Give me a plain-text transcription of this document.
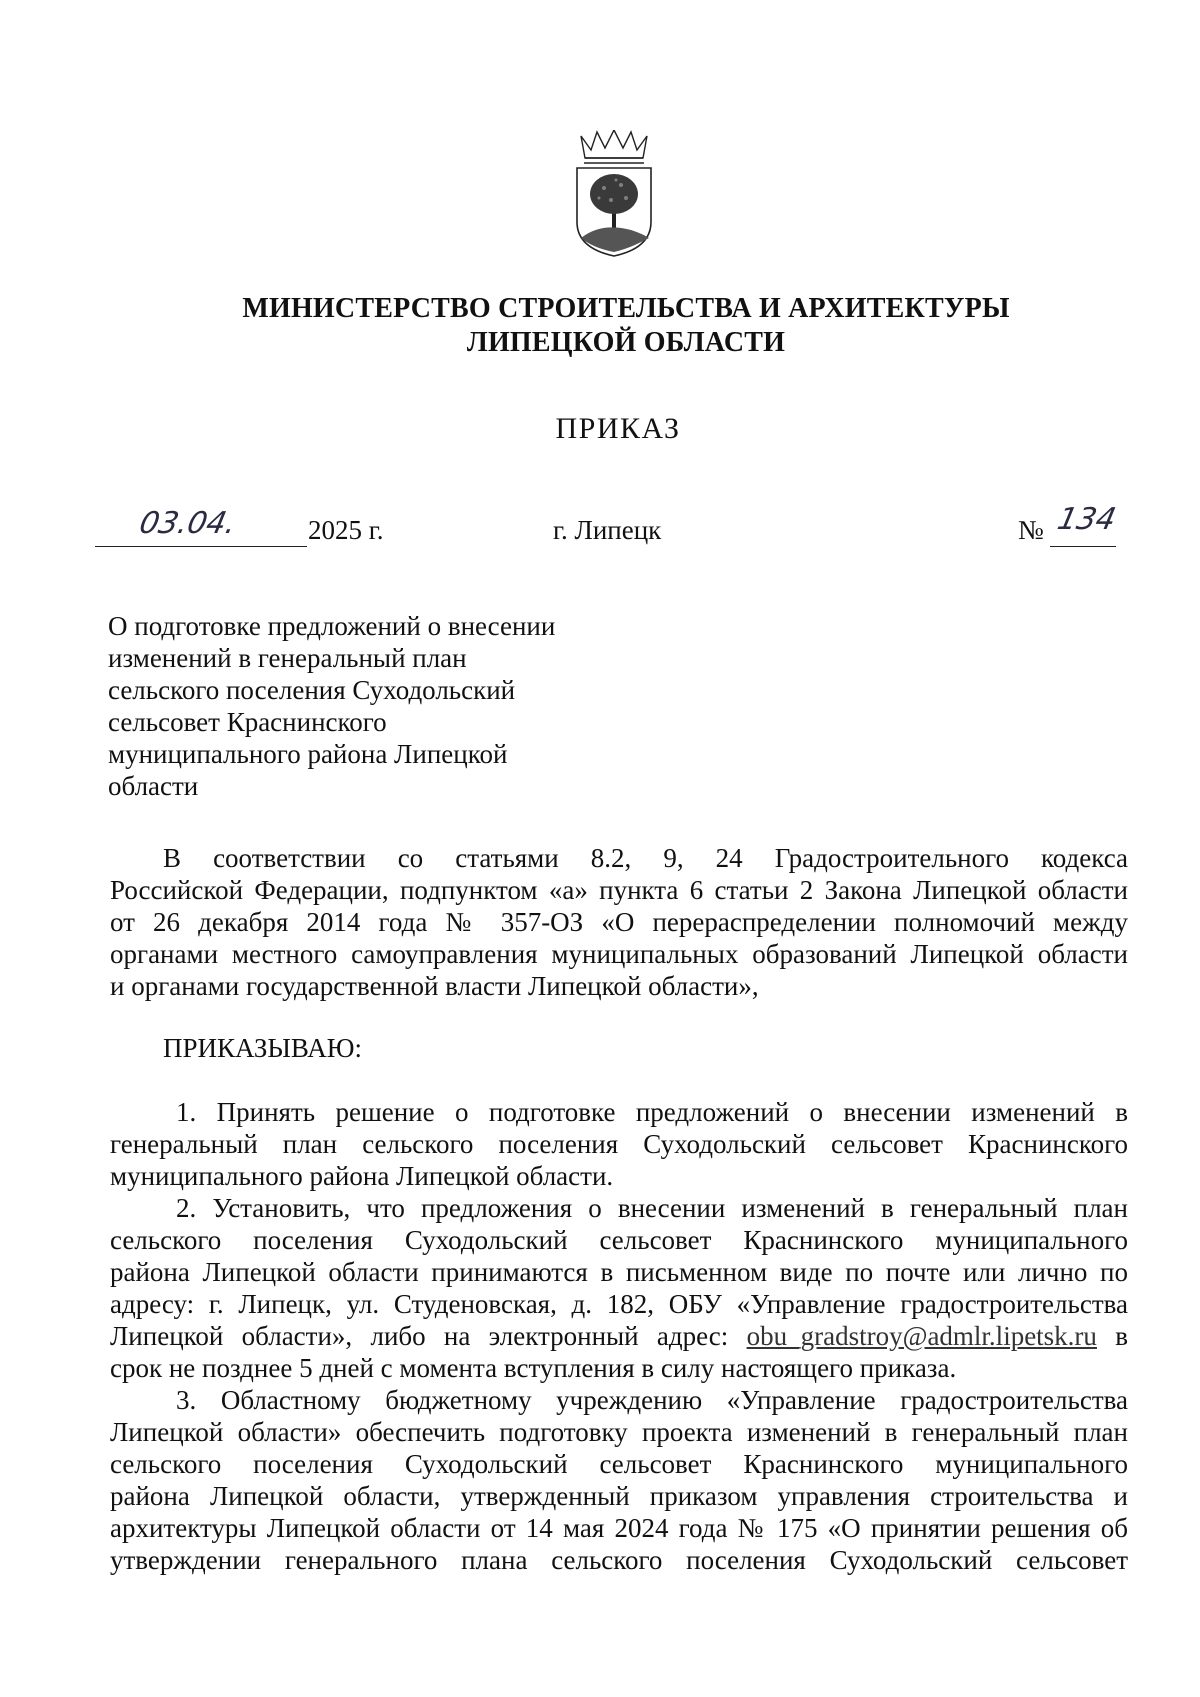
МИНИСТЕРСТВО СТРОИТЕЛЬСТВА И АРХИТЕКТУРЫ
ЛИПЕЦКОЙ ОБЛАСТИ
ПРИКАЗ
03.04.	2025 г.	г. Липецк	№ 134
О подготовке предложений о внесении
изменений в генеральный план
сельского поселения Суходольский
сельсовет Краснинского
муниципального района Липецкой
области
В соответствии со статьями 8.2, 9, 24 Градостроительного кодекса
Российской Федерации, подпунктом «а» пункта 6 статьи 2 Закона Липецкой области
от 26 декабря 2014 года № 357-ОЗ «О перераспределении полномочий между
органами местного самоуправления муниципальных образований Липецкой области
и органами государственной власти Липецкой области»,
ПРИКАЗЫВАЮ:
1. Принять решение о подготовке предложений о внесении изменений в
генеральный план сельского поселения Суходольский сельсовет Краснинского
муниципального района Липецкой области.
2. Установить, что предложения о внесении изменений в генеральный план
сельского поселения Суходольский сельсовет Краснинского муниципального
района Липецкой области принимаются в письменном виде по почте или лично по
адресу: г. Липецк, ул. Студеновская, д. 182, ОБУ «Управление градостроительства
Липецкой области», либо на электронный адрес: obu_gradstroy@admlr.lipetsk.ru в
срок не позднее 5 дней с момента вступления в силу настоящего приказа.
3. Областному бюджетному учреждению «Управление градостроительства
Липецкой области» обеспечить подготовку проекта изменений в генеральный план
сельского поселения Суходольский сельсовет Краснинского муниципального
района Липецкой области, утвержденный приказом управления строительства и
архитектуры Липецкой области от 14 мая 2024 года № 175 «О принятии решения об
утверждении генерального плана сельского поселения Суходольский сельсовет
